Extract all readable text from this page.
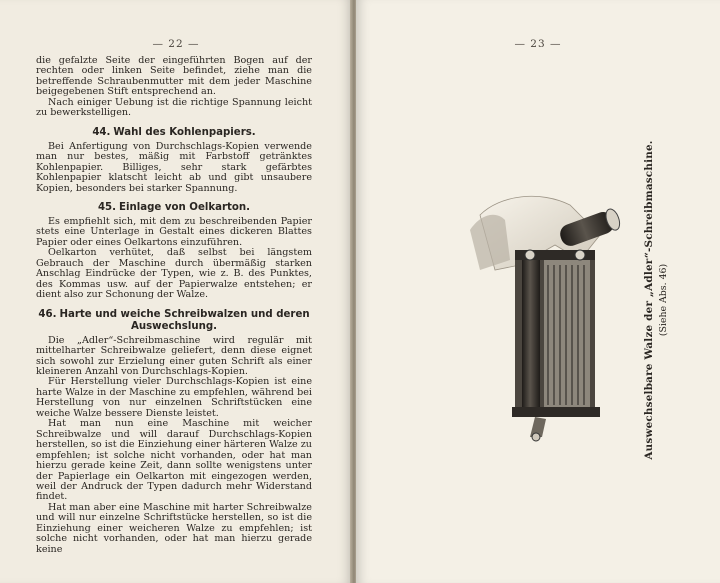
— 22 —

die gefalzte Seite der eingeführten Bogen auf der rechten oder linken Seite befindet, ziehe man die betreffende Schraubenmutter mit dem jeder Maschine beigegebenen Stift entsprechend an.

Nach einiger Uebung ist die richtige Spannung leicht zu bewerkstelligen.

44. Wahl des Kohlenpapiers.

Bei Anfertigung von Durchschlags-Kopien verwende man nur bestes, mäßig mit Farbstoff getränktes Kohlenpapier. Billiges, sehr stark gefärbtes Kohlenpapier klatscht leicht ab und gibt unsaubere Kopien, besonders bei starker Spannung.

45. Einlage von Oelkarton.

Es empfiehlt sich, mit dem zu beschreibenden Papier stets eine Unterlage in Gestalt eines dickeren Blattes Papier oder eines Oelkartons einzuführen.

Oelkarton verhütet, daß selbst bei längstem Gebrauch der Maschine durch übermäßig starken Anschlag Eindrücke der Typen, wie z. B. des Punktes, des Kommas usw. auf der Papierwalze entstehen; er dient also zur Schonung der Walze.

46. Harte und weiche Schreibwalzen und deren Auswechslung.

Die „Adler“-Schreibmaschine wird regulär mit mittelharter Schreibwalze geliefert, denn diese eignet sich sowohl zur Erzielung einer guten Schrift als einer kleineren Anzahl von Durchschlags-Kopien.

Für Herstellung vieler Durchschlags-Kopien ist eine harte Walze in der Maschine zu empfehlen, während bei Herstellung von nur einzelnen Schriftstücken eine weiche Walze bessere Dienste leistet.

Hat man nun eine Maschine mit weicher Schreibwalze und will darauf Durchschlags-Kopien herstellen, so ist die Einziehung einer härteren Walze zu empfehlen; ist solche nicht vorhanden, oder hat man hierzu gerade keine Zeit, dann sollte wenigstens unter der Papierlage ein Oelkarton mit eingezogen werden, weil der Andruck der Typen dadurch mehr Widerstand findet.

Hat man aber eine Maschine mit harter Schreibwalze und will nur einzelne Schriftstücke herstellen, so ist die Einziehung einer weicheren Walze zu empfehlen; ist solche nicht vorhanden, oder hat man hierzu gerade keine

— 23 —
Auswechselbare Walze der „Adler“-Schreibmaschine. (Siehe Abs. 46)
